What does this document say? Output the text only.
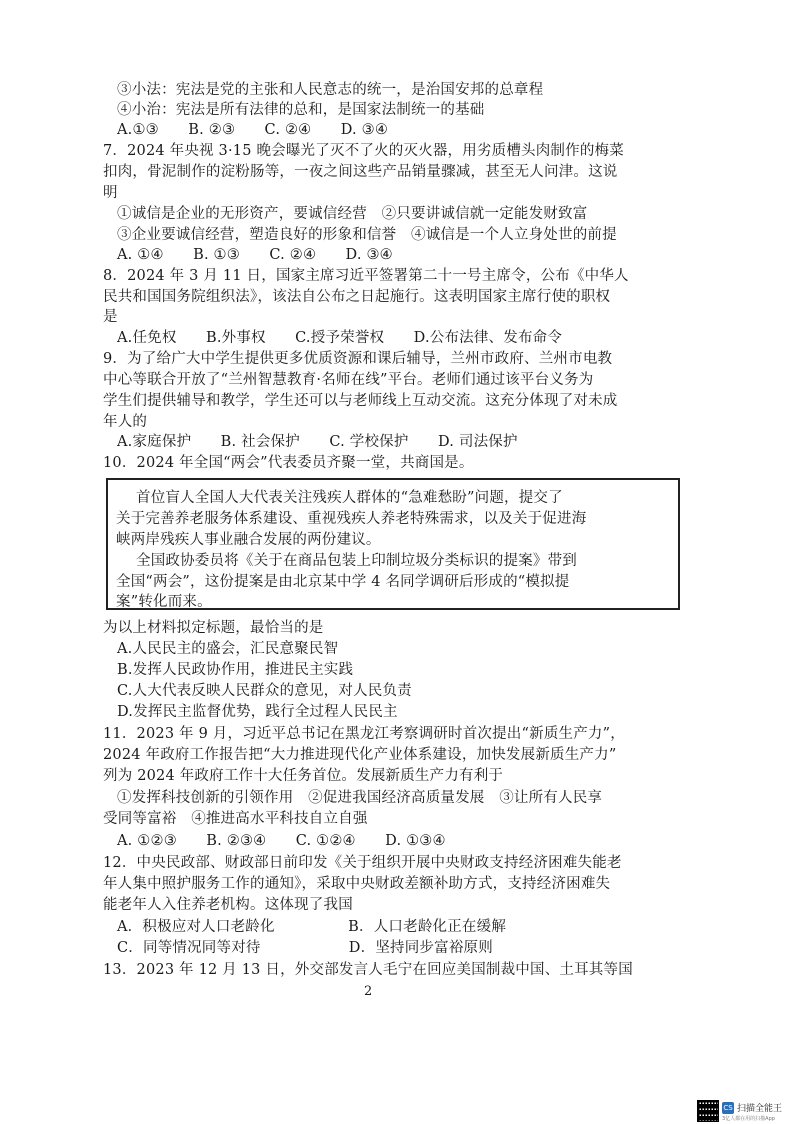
③小法：宪法是党的主张和人民意志的统一，是治国安邦的总章程
④小治：宪法是所有法律的总和，是国家法制统一的基础
A.①③　　B. ②③　　C. ②④　　D. ③④
7．2024 年央视 3·15 晚会曝光了灭不了火的灭火器，用劣质槽头肉制作的梅菜
扣肉，骨泥制作的淀粉肠等，一夜之间这些产品销量骤减，甚至无人问津。这说
明
①诚信是企业的无形资产，要诚信经营　②只要讲诚信就一定能发财致富
③企业要诚信经营，塑造良好的形象和信誉　④诚信是一个人立身处世的前提
A. ①④　　B. ①③　　C. ②④　　D. ③④
8．2024 年 3 月 11 日，国家主席习近平签署第二十一号主席令，公布《中华人
民共和国国务院组织法》，该法自公布之日起施行。这表明国家主席行使的职权
是
A.任免权　　B.外事权　　C.授予荣誉权　　D.公布法律、发布命令
9．为了给广大中学生提供更多优质资源和课后辅导，兰州市政府、兰州市电教
中心等联合开放了“兰州智慧教育·名师在线”平台。老师们通过该平台义务为
学生们提供辅导和教学，学生还可以与老师线上互动交流。这充分体现了对未成
年人的
A.家庭保护　　B. 社会保护　　C. 学校保护　　D. 司法保护
10．2024 年全国“两会”代表委员齐聚一堂，共商国是。
首位盲人全国人大代表关注残疾人群体的“急难愁盼”问题，提交了
关于完善养老服务体系建设、重视残疾人养老特殊需求，以及关于促进海
峡两岸残疾人事业融合发展的两份建议。
全国政协委员将《关于在商品包装上印制垃圾分类标识的提案》带到
全国“两会”，这份提案是由北京某中学 4 名同学调研后形成的“模拟提
案”转化而来。
为以上材料拟定标题，最恰当的是
A.人民民主的盛会，汇民意聚民智
B.发挥人民政协作用，推进民主实践
C.人大代表反映人民群众的意见，对人民负责
D.发挥民主监督优势，践行全过程人民民主
11．2023 年 9 月，习近平总书记在黑龙江考察调研时首次提出“新质生产力”，
2024 年政府工作报告把“大力推进现代化产业体系建设，加快发展新质生产力”
列为 2024 年政府工作十大任务首位。发展新质生产力有利于
①发挥科技创新的引领作用　②促进我国经济高质量发展　③让所有人民享
受同等富裕　④推进高水平科技自立自强
A. ①②③　　B. ②③④　　C. ①②④　　D. ①③④
12．中央民政部、财政部日前印发《关于组织开展中央财政支持经济困难失能老
年人集中照护服务工作的通知》，采取中央财政差额补助方式，支持经济困难失
能老年人入住养老机构。这体现了我国
A．积极应对人口老龄化　　　　　B．人口老龄化正在缓解
C．同等情况同等对待　　　　　　D．坚持同步富裕原则
13．2023 年 12 月 13 日，外交部发言人毛宁在回应美国制裁中国、土耳其等国
2
CS 扫描全能王
3亿人都在用的扫描App
